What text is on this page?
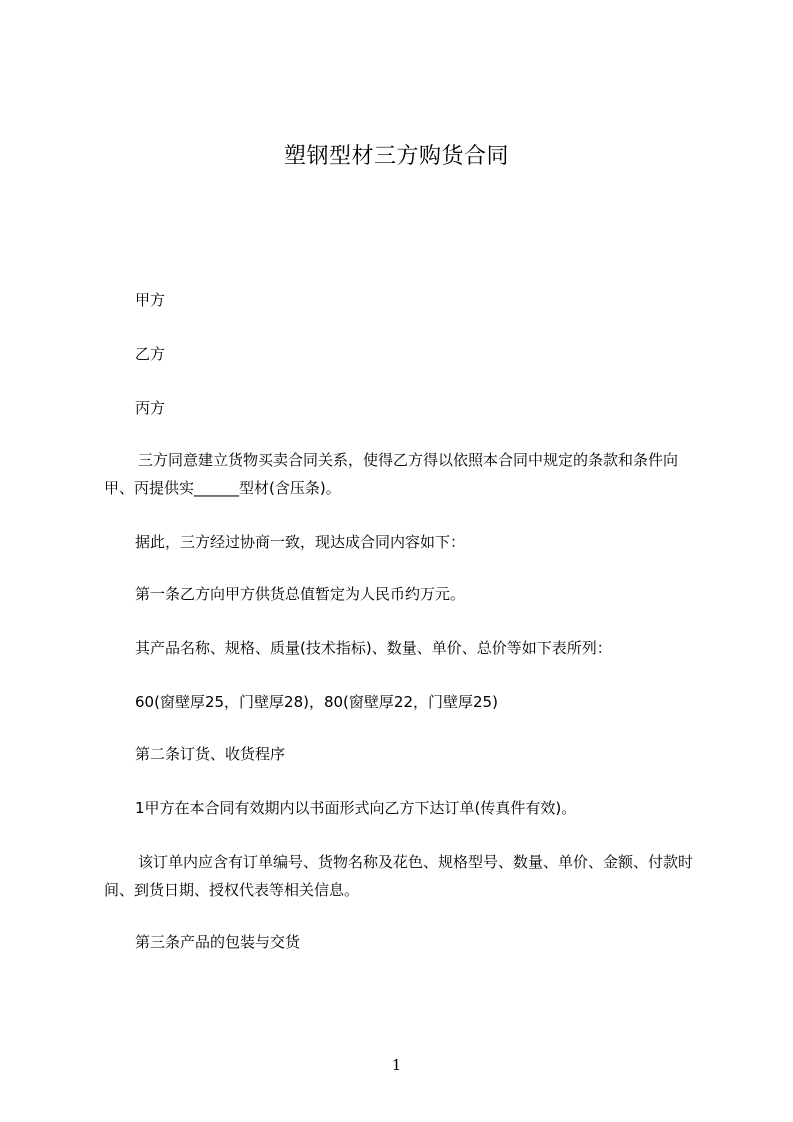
塑钢型材三方购货合同

甲方

乙方

丙方

三方同意建立货物买卖合同关系，使得乙方得以依照本合同中规定的条款和条件向甲、丙提供实______型材(含压条)。

据此，三方经过协商一致，现达成合同内容如下：

第一条乙方向甲方供货总值暂定为人民币约万元。

其产品名称、规格、质量(技术指标)、数量、单价、总价等如下表所列：

60(窗壁厚25，门壁厚28)，80(窗壁厚22，门壁厚25)

第二条订货、收货程序

1甲方在本合同有效期内以书面形式向乙方下达订单(传真件有效)。

该订单内应含有订单编号、货物名称及花色、规格型号、数量、单价、金额、付款时间、到货日期、授权代表等相关信息。

第三条产品的包装与交货

1
